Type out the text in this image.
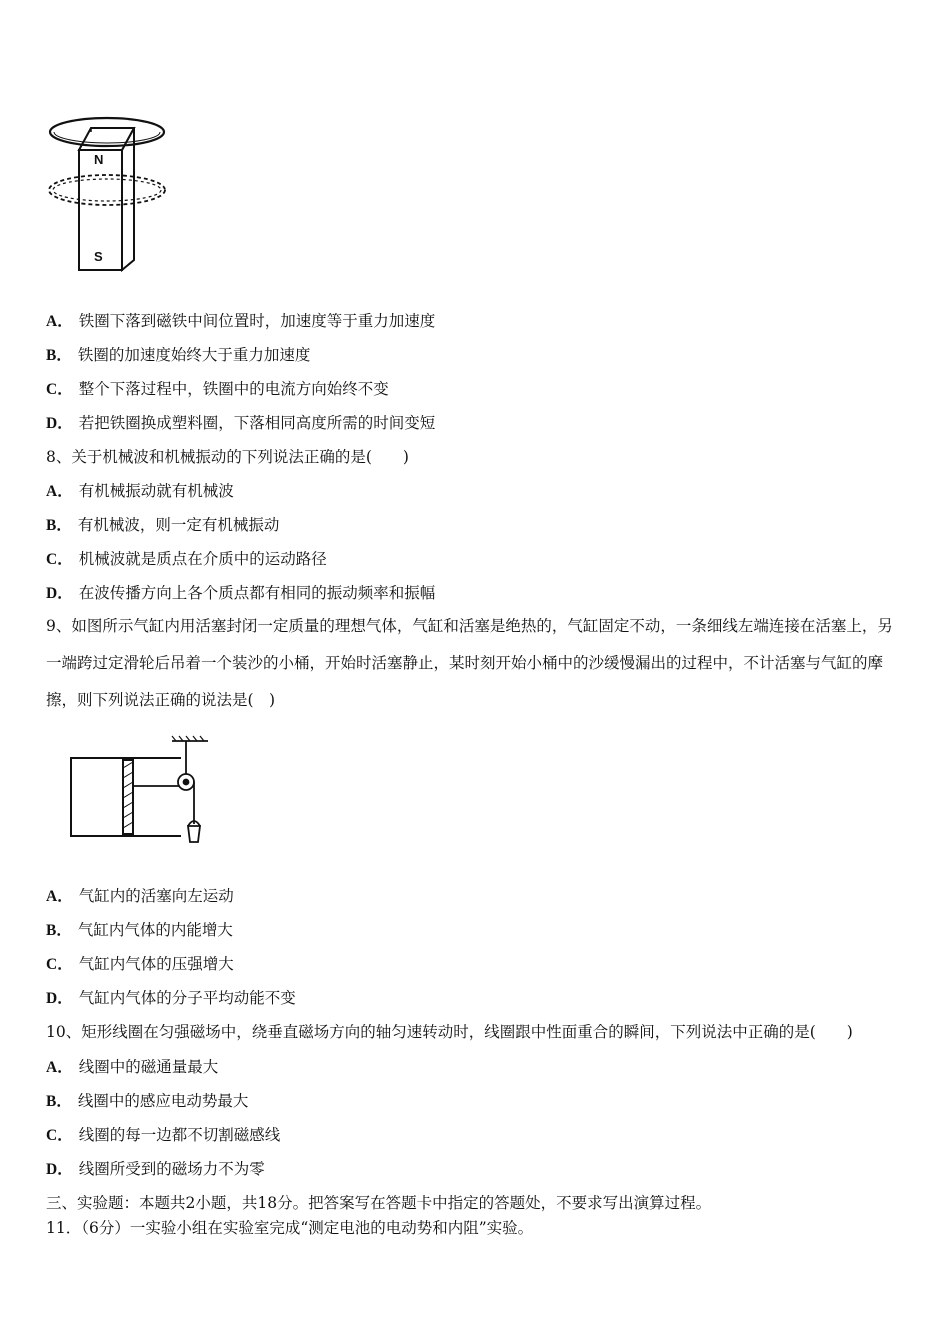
N
S
A． 铁圈下落到磁铁中间位置时，加速度等于重力加速度
B． 铁圈的加速度始终大于重力加速度
C． 整个下落过程中，铁圈中的电流方向始终不变
D． 若把铁圈换成塑料圈，下落相同高度所需的时间变短
8、关于机械波和机械振动的下列说法正确的是(　　)
A． 有机械振动就有机械波
B． 有机械波，则一定有机械振动
C． 机械波就是质点在介质中的运动路径
D． 在波传播方向上各个质点都有相同的振动频率和振幅
9、如图所示气缸内用活塞封闭一定质量的理想气体，气缸和活塞是绝热的，气缸固定不动，一条细线左端连接在活塞上，另一端跨过定滑轮后吊着一个装沙的小桶，开始时活塞静止，某时刻开始小桶中的沙缓慢漏出的过程中，不计活塞与气缸的摩擦，则下列说法正确的说法是(　)
A． 气缸内的活塞向左运动
B． 气缸内气体的内能增大
C． 气缸内气体的压强增大
D． 气缸内气体的分子平均动能不变
10、矩形线圈在匀强磁场中，绕垂直磁场方向的轴匀速转动时，线圈跟中性面重合的瞬间，下列说法中正确的是(　　)
A． 线圈中的磁通量最大
B． 线圈中的感应电动势最大
C． 线圈的每一边都不切割磁感线
D． 线圈所受到的磁场力不为零
三、实验题：本题共2小题，共18分。把答案写在答题卡中指定的答题处，不要求写出演算过程。
11．（6分）一实验小组在实验室完成“测定电池的电动势和内阻”实验。
